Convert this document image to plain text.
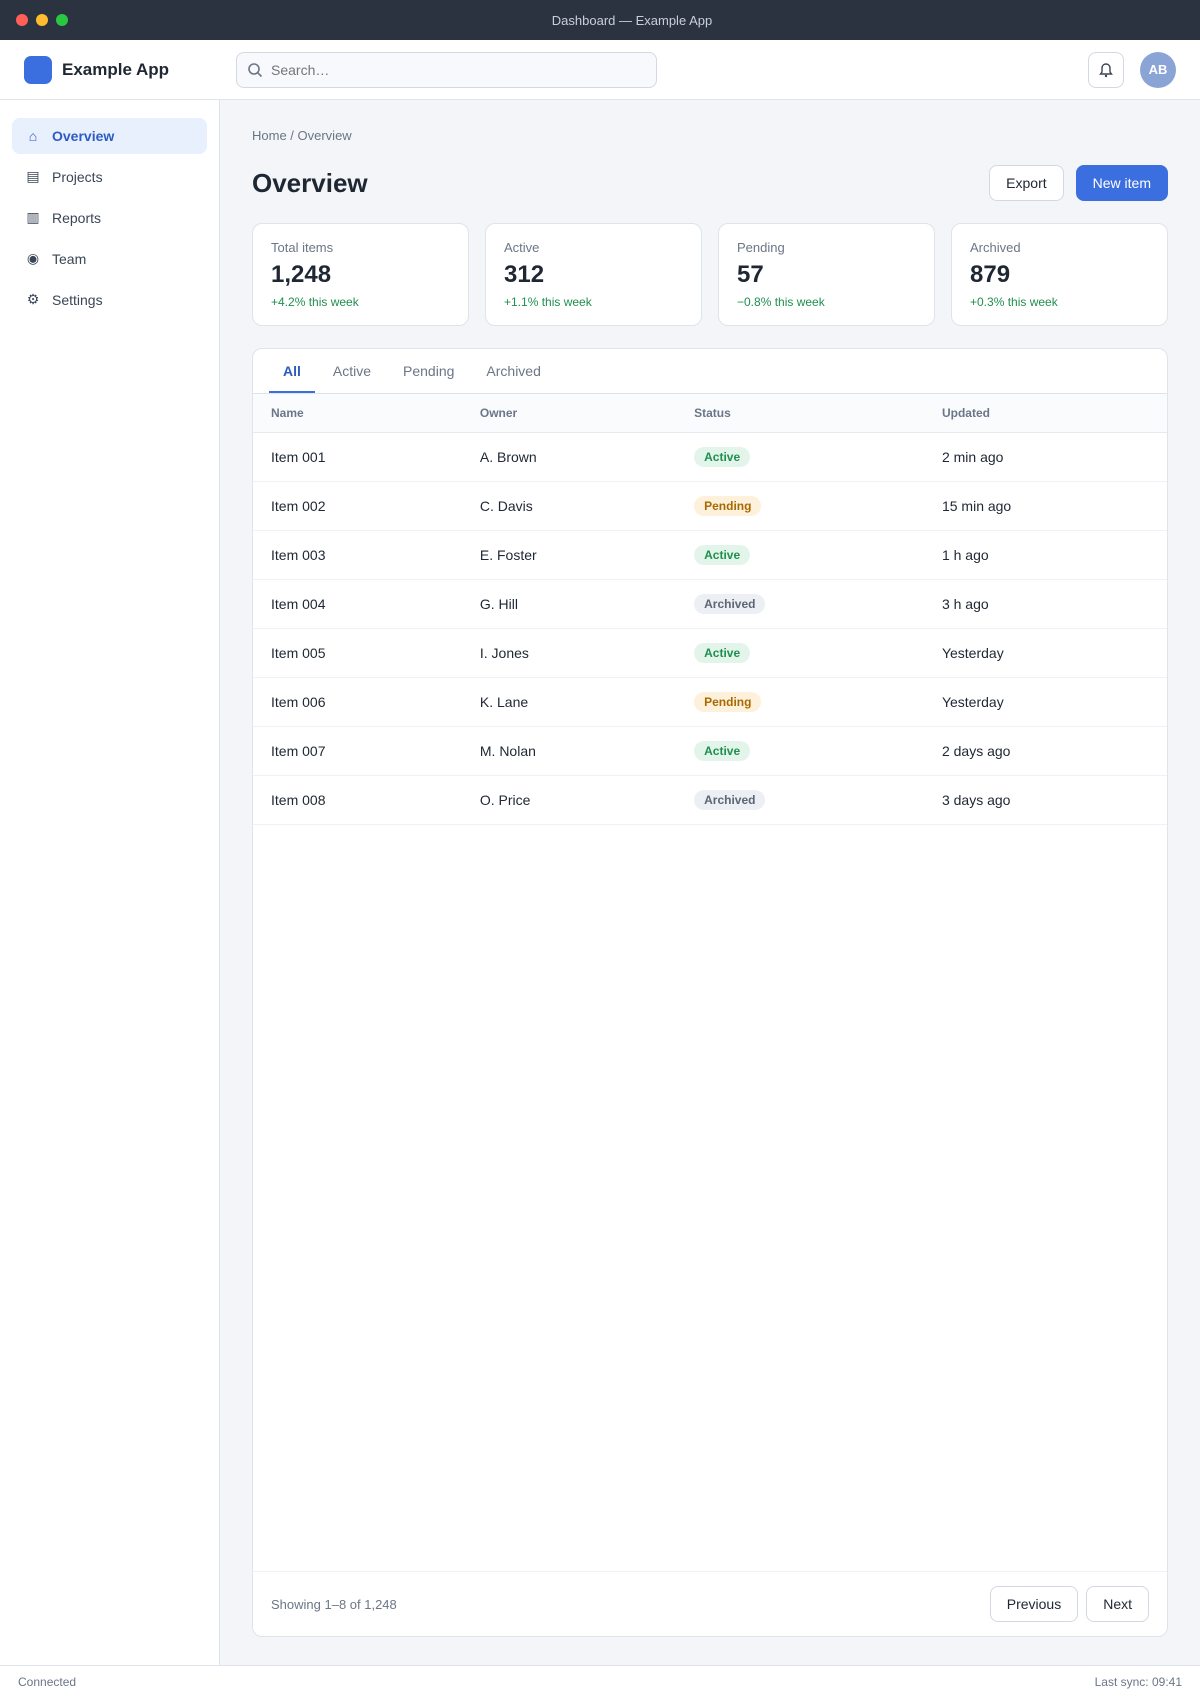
Dashboard — Example App
Example App
Search…	AB
⌂	Overview
▤ Projects
▥ Reports
◉ Team
⚙ Settings
Home / Overview
Overview	Export	New item
Total items
1,248
+4.2% this week
Active
312
+1.1% this week
Pending
57
−0.8% this week
Archived
879
+0.3% this week
All	Active	Pending	Archived
Name	Owner	Status	Updated
Item 001	A. Brown	Active	2 min ago
Item 002	C. Davis	Pending	15 min ago
Item 003	E. Foster	Active	1 h ago
Item 004	G. Hill	Archived	3 h ago
Item 005	I. Jones	Active	Yesterday
Item 006	K. Lane	Pending	Yesterday
Item 007	M. Nolan	Active	2 days ago
Item 008	O. Price	Archived	3 days ago
Showing 1–8 of 1,248	Previous	Next
Connected	Last sync: 09:41
